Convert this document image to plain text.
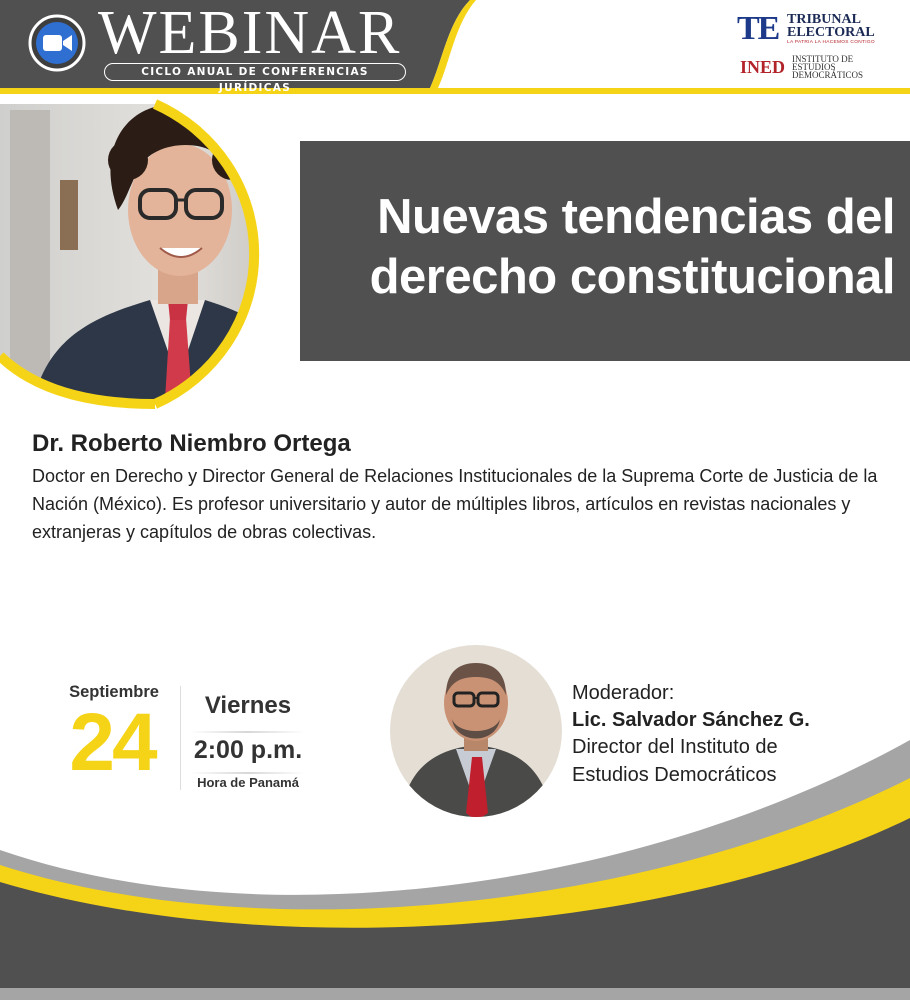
WEBINAR
CICLO ANUAL DE CONFERENCIAS JURÍDICAS
TE TRIBUNAL
ELECTORAL
LA PATRIA LA HACEMOS CONTIGO
INED INSTITUTO DE
ESTUDIOS
DEMOCRÁTICOS
Nuevas tendencias del
derecho constitucional
Dr. Roberto Niembro Ortega
Doctor en Derecho y Director General de Relaciones Institucionales de la Suprema Corte de Justicia de la Nación (México). Es profesor universitario y autor de múltiples libros, artículos en revistas nacionales y extranjeras y capítulos de obras colectivas.
Septiembre
24	Viernes
2:00 p.m.
Hora de Panamá
Moderador:
Lic. Salvador Sánchez G.
Director del Instituto de
Estudios Democráticos
